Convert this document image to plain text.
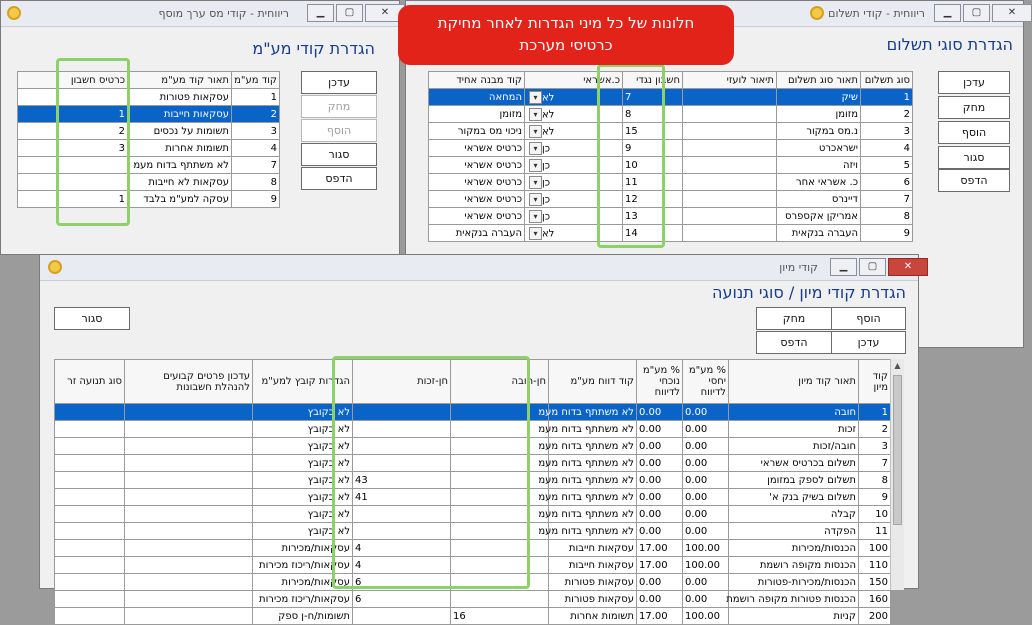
▁	▢	✕
ריווחית - קודי מס ערך מוסף
הגדרת קודי מע"מ
קוד מע"מ	תאור קוד מע"מ	כרטיס חשבון
1	עסקאות פטורות	
2	עסקאות חייבות	1
3	תשומות על נכסים	2
4	תשומות אחרות	3
7	לא משתתף בדוח מעמ	
8	עסקאות לא חייבות	
9	עסקה למע"מ בלבד	1
עדכן
מחק
הוסף
סגור
הדפס
▁	▢	✕
ריווחית - קודי תשלום
הגדרת סוגי תשלום
סוג תשלום	תאור סוג תשלום	תיאור לועזי	חשבון נגדי	כ.אשראי	קוד מבנה אחיד
1	שיק		7	לא▾	המחאה
2	מזומן		8	לא▾	מזומן
3	נ.מס במקור		15	לא▾	ניכוי מס במקור
4	ישראכרט		9	כן▾	כרטיס אשראי
5	ויזה		10	כן▾	כרטיס אשראי
6	כ. אשראי אחר		11	כן▾	כרטיס אשראי
7	דיינרס		12	כן▾	כרטיס אשראי
8	אמריקן אקספרס		13	כן▾	כרטיס אשראי
9	העברה בנקאית		14	לא▾	העברה בנקאית
עדכן
מחק
הוסף
סגור
הדפס
חלונות של כל מיני הגדרות לאחר מחיקת
כרטיסי מערכת
▁	▢	✕
קודי מיון
הגדרת קודי מיון / סוגי תנועה
סגור	הוסף
מחק
עדכן
הדפס
קוד מיון	תאור קוד מיון	% מע"מ יחסי לדיווח	% מע"מ נוכחי לדיווח	קוד דווח מע"מ	חן-חובה	חן-זכות	הגדרות קובץ למע"מ	עדכון פרטים קבועים להנהלת חשבונות	סוג תנועה זר
1	חובה	0.00	0.00	לא משתתף בדוח מעמ			לא בקובץ		
2	זכות	0.00	0.00	לא משתתף בדוח מעמ			לא בקובץ		
3	חובה/זכות	0.00	0.00	לא משתתף בדוח מעמ			לא בקובץ		
7	תשלום בכרטיס אשראי	0.00	0.00	לא משתתף בדוח מעמ			לא בקובץ		
8	תשלום לספק במזומן	0.00	0.00	לא משתתף בדוח מעמ		43	לא בקובץ		
9	תשלום בשיק בנק א'	0.00	0.00	לא משתתף בדוח מעמ		41	לא בקובץ		
10	קבלה	0.00	0.00	לא משתתף בדוח מעמ			לא בקובץ		
11	הפקדה	0.00	0.00	לא משתתף בדוח מעמ			לא בקובץ		
100	הכנסות/מכירות	100.00	17.00	עסקאות חייבות		4	עסקאות/מכירות		
110	הכנסות מקופה רושמת	100.00	17.00	עסקאות חייבות		4	עסקאות/ריכוז מכירות		
150	הכנסות/מכירות-פטורות	0.00	0.00	עסקאות פטורות		6	עסקאות/מכירות		
160	הכנסות פטורות מקופה רושמת	0.00	0.00	עסקאות פטורות		6	עסקאות/ריכוז מכירות		
200	קניות	100.00	17.00	תשומות אחרות	16		תשומות/ח-ן ספק		
▲
